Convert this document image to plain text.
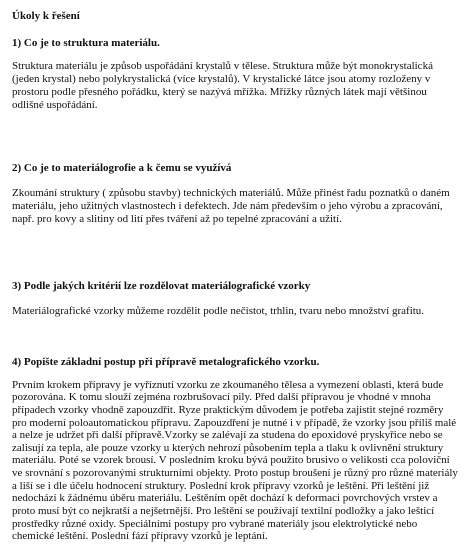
Úkoly k řešení

1) Co je to struktura materiálu.

Struktura materiálu je způsob uspořádání krystalů v tělese. Struktura může být monokrystalická (jeden krystal) nebo polykrystalická (více krystalů). V krystalické látce jsou atomy rozloženy v prostoru podle přesného pořádku, který se nazývá mřížka. Mřížky různých látek mají většinou odlišné uspořádání.

2) Co je to materiálogrofie a k čemu se využívá

Zkoumání struktury ( způsobu stavby) technických materiálů. Může přinést řadu poznatků o daném materiálu, jeho užitných vlastnostech i defektech. Jde nám především o jeho výrobu a zpracování, např. pro kovy a slitiny od lití přes tváření až po tepelné zpracování a užití.

3) Podle jakých kritérií lze rozdělovat materiálografické vzorky

Materiálografické vzorky můžeme rozdělit podle nečistot, trhlin, tvaru nebo množství grafitu.

4) Popište základní postup při přípravě metalografického vzorku.

Prvním krokem přípravy je vyříznutí vzorku ze zkoumaného tělesa a vymezení oblasti, která bude pozorována. K tomu slouží zejména rozbrušovací pily. Před další přípravou je vhodné v mnoha případech vzorky vhodně zapouzdřit. Ryze praktickým důvodem je potřeba zajistit stejné rozměry pro moderní poloautomatickou přípravu. Zapouzdření je nutné i v případě, že vzorky jsou příliš malé a nelze je udržet při další přípravě.Vzorky se zalévají za studena do epoxidové pryskyřice nebo se zalisují za tepla, ale pouze vzorky u kterých nehrozí působením tepla a tlaku k ovlivnění struktury materiálu. Poté se vzorek brousí. V posledním kroku bývá použito brusivo o velikosti cca poloviční ve srovnání s pozorovanými strukturními objekty. Proto postup broušení je různý pro různé materiály a liší se i dle účelu hodnocení struktury. Poslední krok přípravy vzorků je leštění. Při leštění již nedochází k žádnému úběru materiálu. Leštěním opět dochází k deformaci povrchových vrstev a proto musí být co nejkratší a nejšetrnější. Pro leštění se používají textilní podložky a jako lešticí prostředky různé oxidy. Speciálními postupy pro vybrané materiály jsou elektrolytické nebo chemické leštění. Poslední fází přípravy vzorků je leptání.
